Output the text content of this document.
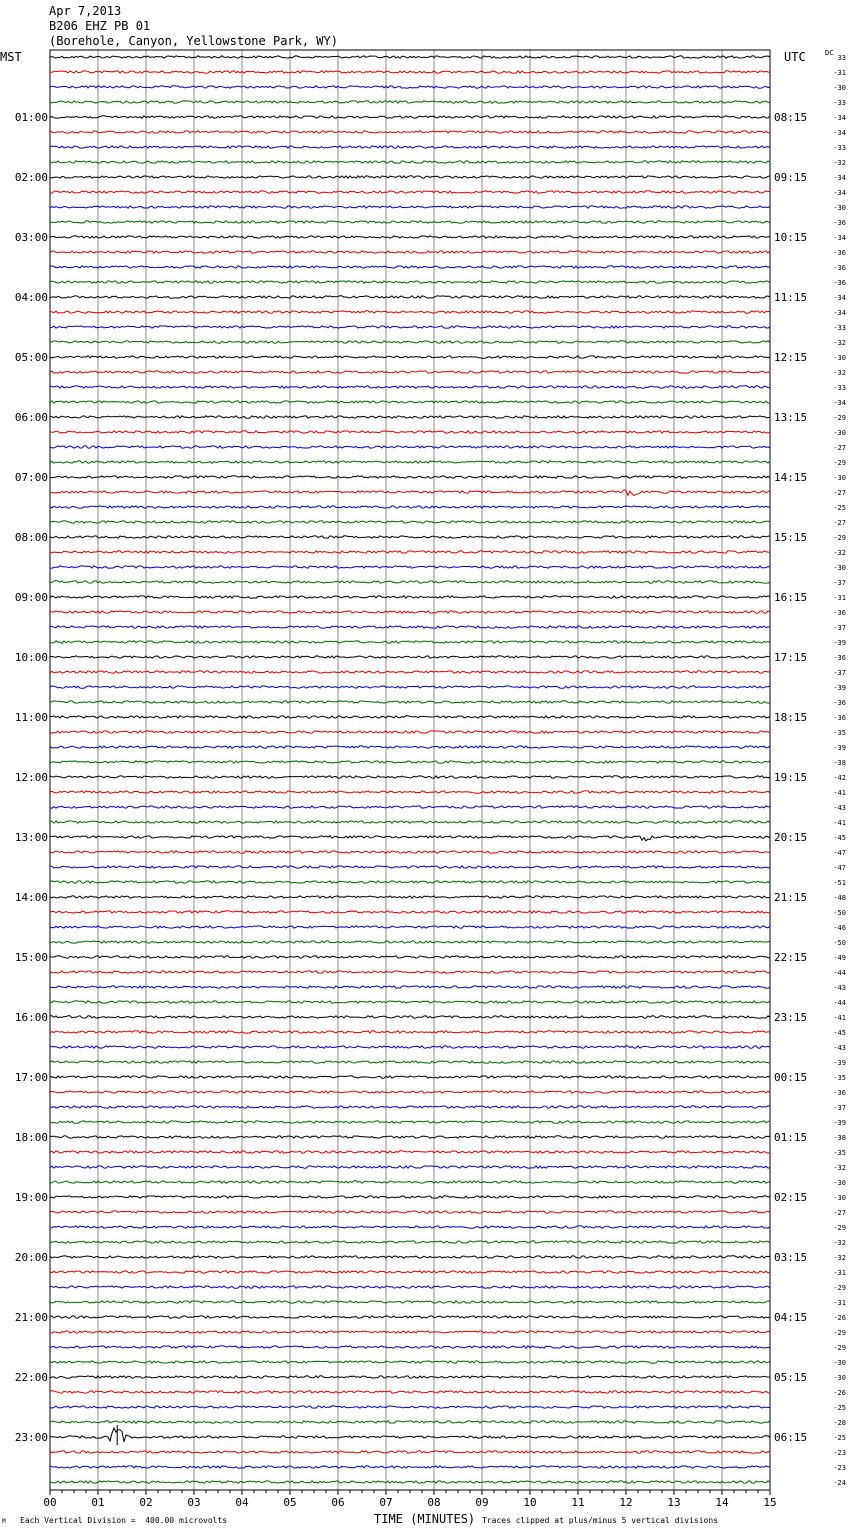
Apr 7,2013
B206 EHZ PB 01
(Borehole, Canyon, Yellowstone Park, WY)
MST	UTC	DC
01:00
02:00
03:00
04:00
05:00
06:00
07:00
08:00
09:00
10:00
11:00
12:00
13:00
14:00
15:00
16:00
17:00
18:00
19:00
20:00
21:00
22:00
23:00
08:15
09:15
10:15
11:15
12:15
13:15
14:15
15:15
16:15
17:15
18:15
19:15
20:15
21:15
22:15
23:15
00:15
01:15
02:15
03:15
04:15
05:15
06:15
33
-31
-30
-33
-34
-34
-33
-32
-34
-34
-30
-36
-34
-36
-36
-36
-34
-34
-33
-32
-30
-32
-33
-34
-29
-30
-27
-29
-30
-27
-25
-27
-29
-32
-30
-37
-31
-36
-37
-39
-36
-37
-39
-36
-36
-35
-39
-38
-42
-41
-43
-41
-45
-47
-47
-51
-48
-50
-46
-50
-49
-44
-43
-44
-41
-45
-43
-39
-35
-36
-37
-39
-38
-35
-32
-30
-30
-27
-29
-32
-32
-31
-29
-31
-26
-29
-29
-30
-30
-26
-25
-28
-25
-23
-23
-24
00	01	02	03	04	05	06	07	08	09	10	11	12	13	14	15
M Each Vertical Division =  400.00 microvolts	TIME (MINUTES) Traces clipped at plus/minus 5 vertical divisions
